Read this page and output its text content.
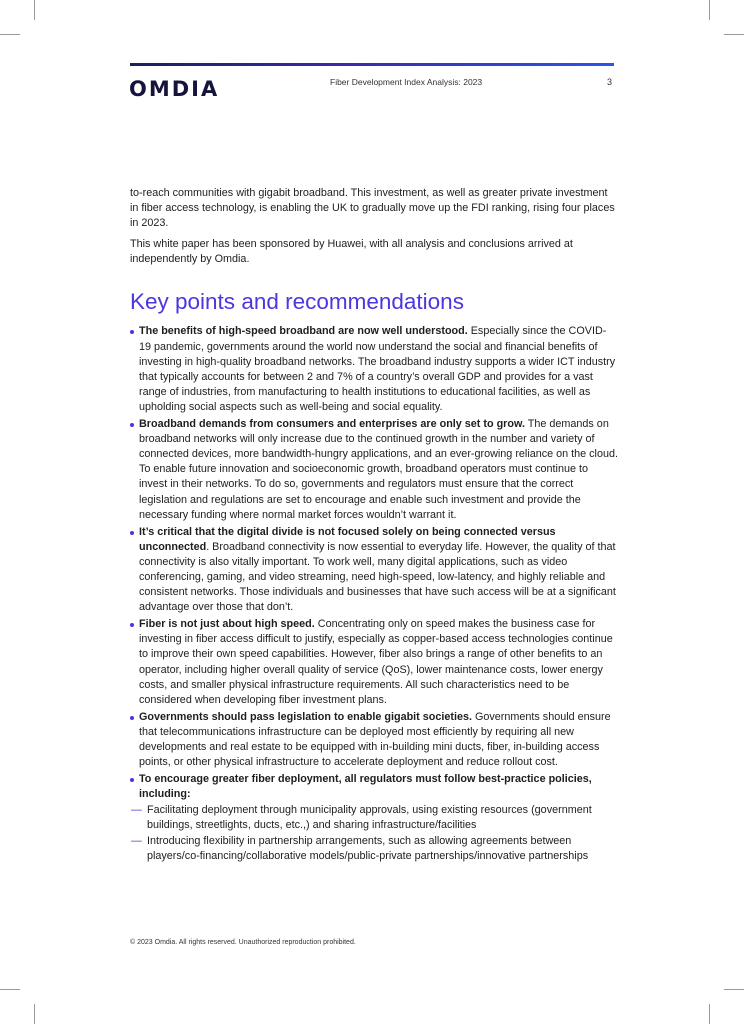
OMDIA	Fiber Development Index Analysis: 2023	3

to-reach communities with gigabit broadband. This investment, as well as greater private investment in fiber access technology, is enabling the UK to gradually move up the FDI ranking, rising four places in 2023.

This white paper has been sponsored by Huawei, with all analysis and conclusions arrived at independently by Omdia.

Key points and recommendations
The benefits of high-speed broadband are now well understood. Especially since the COVID-19 pandemic, governments around the world now understand the social and financial benefits of investing in high-quality broadband networks. The broadband industry supports a wider ICT industry that typically accounts for between 2 and 7% of a country’s overall GDP and provides for a vast range of industries, from manufacturing to health institutions to educational facilities, as well as upholding social aspects such as well-being and social equality.
Broadband demands from consumers and enterprises are only set to grow. The demands on broadband networks will only increase due to the continued growth in the number and variety of connected devices, more bandwidth-hungry applications, and an ever-growing reliance on the cloud. To enable future innovation and socioeconomic growth, broadband operators must continue to invest in their networks. To do so, governments and regulators must ensure that the correct legislation and regulations are set to encourage and enable such investment and provide the necessary funding where normal market forces wouldn’t warrant it.
It’s critical that the digital divide is not focused solely on being connected versus unconnected. Broadband connectivity is now essential to everyday life. However, the quality of that connectivity is also vitally important. To work well, many digital applications, such as video conferencing, gaming, and video streaming, need high-speed, low-latency, and highly reliable and consistent networks. Those individuals and businesses that have such access will be at a significant advantage over those that don’t.
Fiber is not just about high speed. Concentrating only on speed makes the business case for investing in fiber access difficult to justify, especially as copper-based access technologies continue to improve their own speed capabilities. However, fiber also brings a range of other benefits to an operator, including higher overall quality of service (QoS), lower maintenance costs, lower energy costs, and smaller physical infrastructure requirements. All such characteristics need to be considered when developing fiber investment plans.
Governments should pass legislation to enable gigabit societies. Governments should ensure that telecommunications infrastructure can be deployed most efficiently by requiring all new developments and real estate to be equipped with in-building mini ducts, fiber, in-building access points, or other physical infrastructure to accelerate deployment and reduce rollout cost.
To encourage greater fiber deployment, all regulators must follow best-practice policies, including:
— Facilitating deployment through municipality approvals, using existing resources (government buildings, streetlights, ducts, etc.,) and sharing infrastructure/facilities
— Introducing flexibility in partnership arrangements, such as allowing agreements between players/co-financing/collaborative models/public-private partnerships/innovative partnerships
© 2023 Omdia. All rights reserved. Unauthorized reproduction prohibited.
